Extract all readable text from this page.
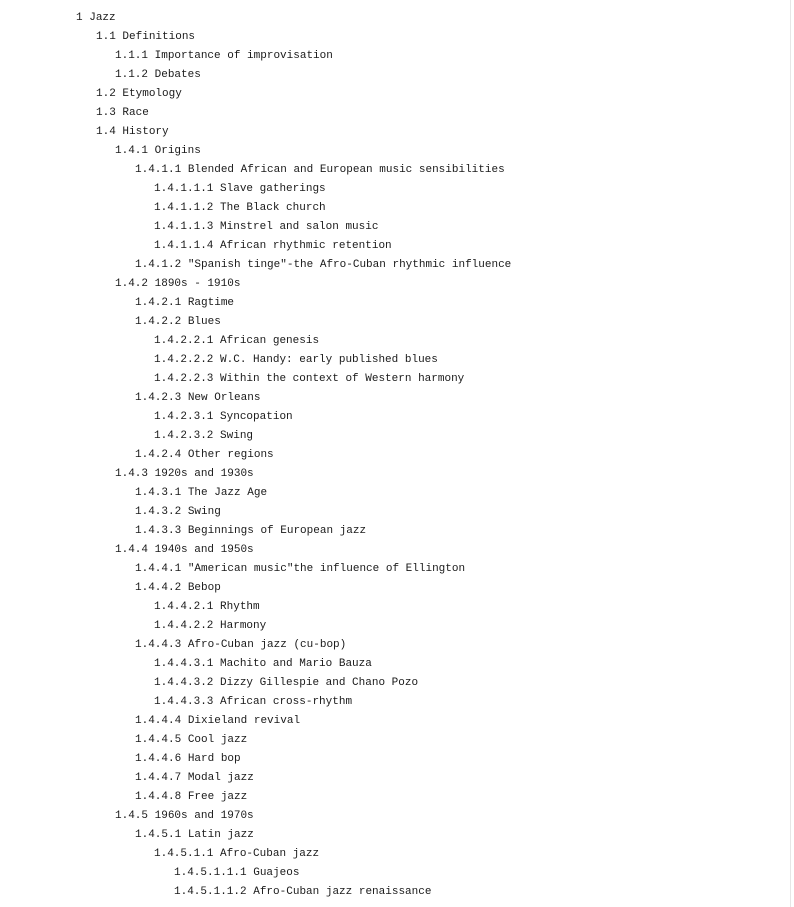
1 Jazz
1.1 Definitions
1.1.1 Importance of improvisation
1.1.2 Debates
1.2 Etymology
1.3 Race
1.4 History
1.4.1 Origins
1.4.1.1 Blended African and European music sensibilities
1.4.1.1.1 Slave gatherings
1.4.1.1.2 The Black church
1.4.1.1.3 Minstrel and salon music
1.4.1.1.4 African rhythmic retention
1.4.1.2 "Spanish tinge"-the Afro-Cuban rhythmic influence
1.4.2 1890s - 1910s
1.4.2.1 Ragtime
1.4.2.2 Blues
1.4.2.2.1 African genesis
1.4.2.2.2 W.C. Handy: early published blues
1.4.2.2.3 Within the context of Western harmony
1.4.2.3 New Orleans
1.4.2.3.1 Syncopation
1.4.2.3.2 Swing
1.4.2.4 Other regions
1.4.3 1920s and 1930s
1.4.3.1 The Jazz Age
1.4.3.2 Swing
1.4.3.3 Beginnings of European jazz
1.4.4 1940s and 1950s
1.4.4.1 "American music"the influence of Ellington
1.4.4.2 Bebop
1.4.4.2.1 Rhythm
1.4.4.2.2 Harmony
1.4.4.3 Afro-Cuban jazz (cu-bop)
1.4.4.3.1 Machito and Mario Bauza
1.4.4.3.2 Dizzy Gillespie and Chano Pozo
1.4.4.3.3 African cross-rhythm
1.4.4.4 Dixieland revival
1.4.4.5 Cool jazz
1.4.4.6 Hard bop
1.4.4.7 Modal jazz
1.4.4.8 Free jazz
1.4.5 1960s and 1970s
1.4.5.1 Latin jazz
1.4.5.1.1 Afro-Cuban jazz
1.4.5.1.1.1 Guajeos
1.4.5.1.1.2 Afro-Cuban jazz renaissance
